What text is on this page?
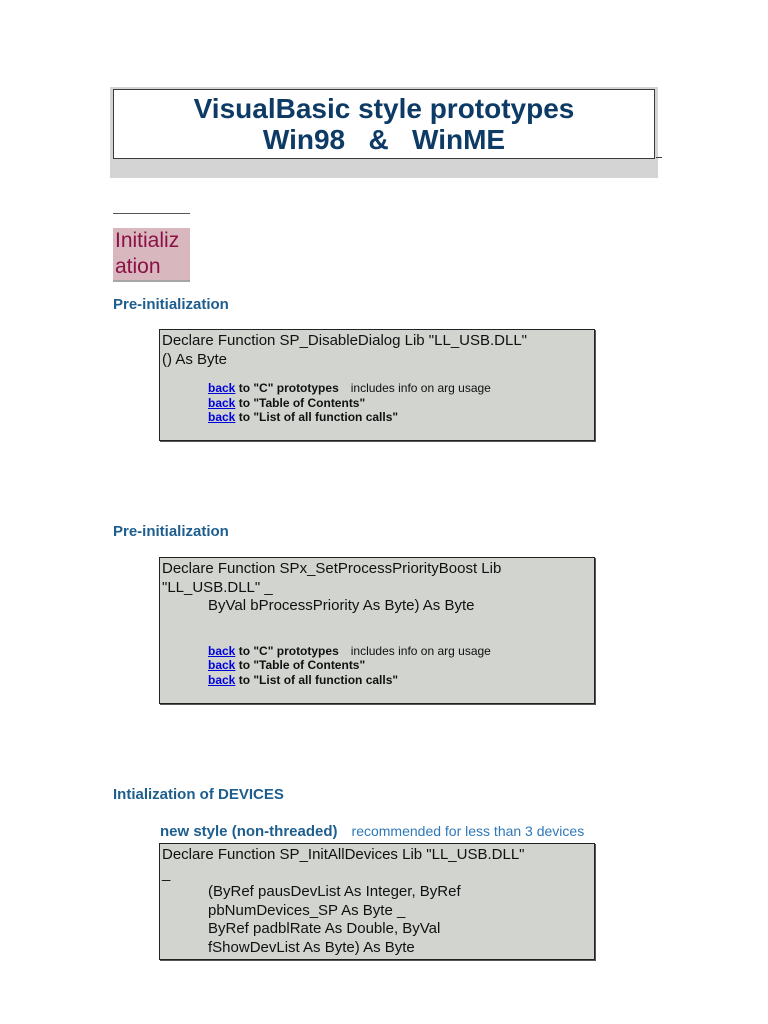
VisualBasic style prototypes
Win98   &   WinME
Initializ
ation
Pre-initialization
Declare Function SP_DisableDialog Lib "LL_USB.DLL"
() As Byte
back to "C" prototypes includes info on arg usage
back to "Table of Contents"
back to "List of all function calls"
Pre-initialization
Declare Function SPx_SetProcessPriorityBoost Lib
"LL_USB.DLL" _
ByVal bProcessPriority As Byte) As Byte
back to "C" prototypes includes info on arg usage
back to "Table of Contents"
back to "List of all function calls"
Intialization of DEVICES
new style (non-threaded) recommended for less than 3 devices
Declare Function SP_InitAllDevices Lib "LL_USB.DLL"
_
(ByRef pausDevList As Integer, ByRef
pbNumDevices_SP As Byte _
ByRef padblRate As Double, ByVal
fShowDevList As Byte) As Byte
